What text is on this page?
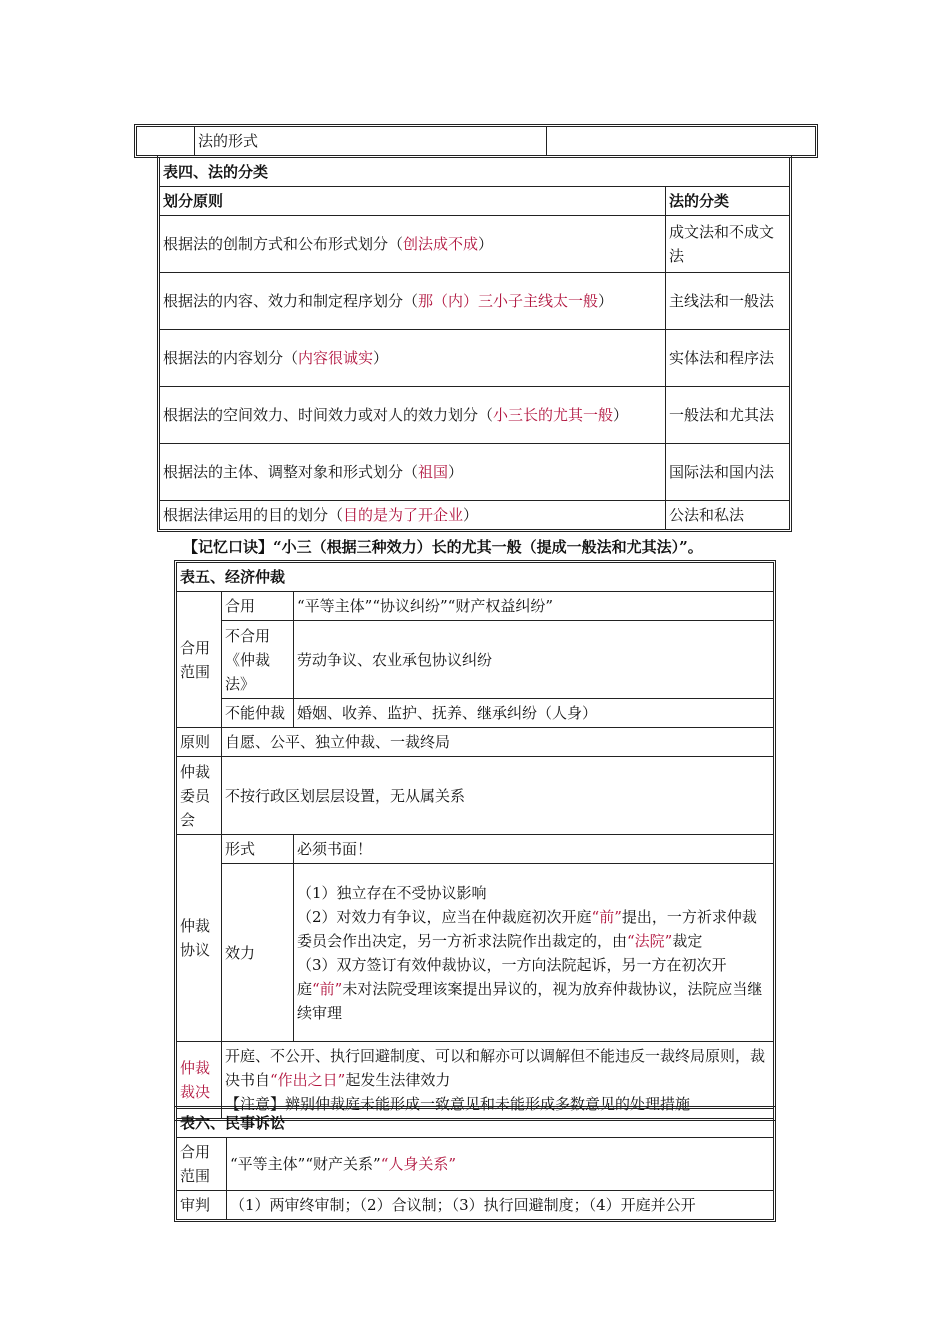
	法的形式	
表四、法的分类	
划分原则	法的分类
根据法的创制方式和公布形式划分（创法成不成）	成文法和不成文法
根据法的内容、效力和制定程序划分（那（内）三小子主线太一般）	主线法和一般法
根据法的内容划分（内容很诚实）	实体法和程序法
根据法的空间效力、时间效力或对人的效力划分（小三长的尤其一般）	一般法和尤其法
根据法的主体、调整对象和形式划分（祖国）	国际法和国内法
根据法律运用的目的划分（目的是为了开企业）	公法和私法
【记忆口诀】“小三（根据三种效力）长的尤其一般（提成一般法和尤其法）”。
表五、经济仲裁		
合用范围	合用	“平等主体”“协议纠纷”“财产权益纠纷”
	不合用《仲裁法》	劳动争议、农业承包协议纠纷
	不能仲裁	婚姻、收养、监护、抚养、继承纠纷（人身）
原则	自愿、公平、独立仲裁、一裁终局	
仲裁委员会	不按行政区划层层设置，无从属关系	
仲裁协议	形式	必须书面！
	效力	（1）独立存在不受协议影响
（2）对效力有争议，应当在仲裁庭初次开庭“前”提出，一方祈求仲裁委员会作出决定，另一方祈求法院作出裁定的，由“法院”裁定
（3）双方签订有效仲裁协议，一方向法院起诉，另一方在初次开庭“前”未对法院受理该案提出异议的，视为放弃仲裁协议，法院应当继续审理

仲裁裁决	开庭、不公开、执行回避制度、可以和解亦可以调解但不能违反一裁终局原则，裁决书自“作出之日”起发生法律效力
【注意】辨别仲裁庭未能形成一致意见和未能形成多数意见的处理措施	
表六、民事诉讼	
合用范围	“平等主体”“财产关系”“人身关系”
审判	（1）两审终审制；（2）合议制；（3）执行回避制度；（4）开庭并公开
